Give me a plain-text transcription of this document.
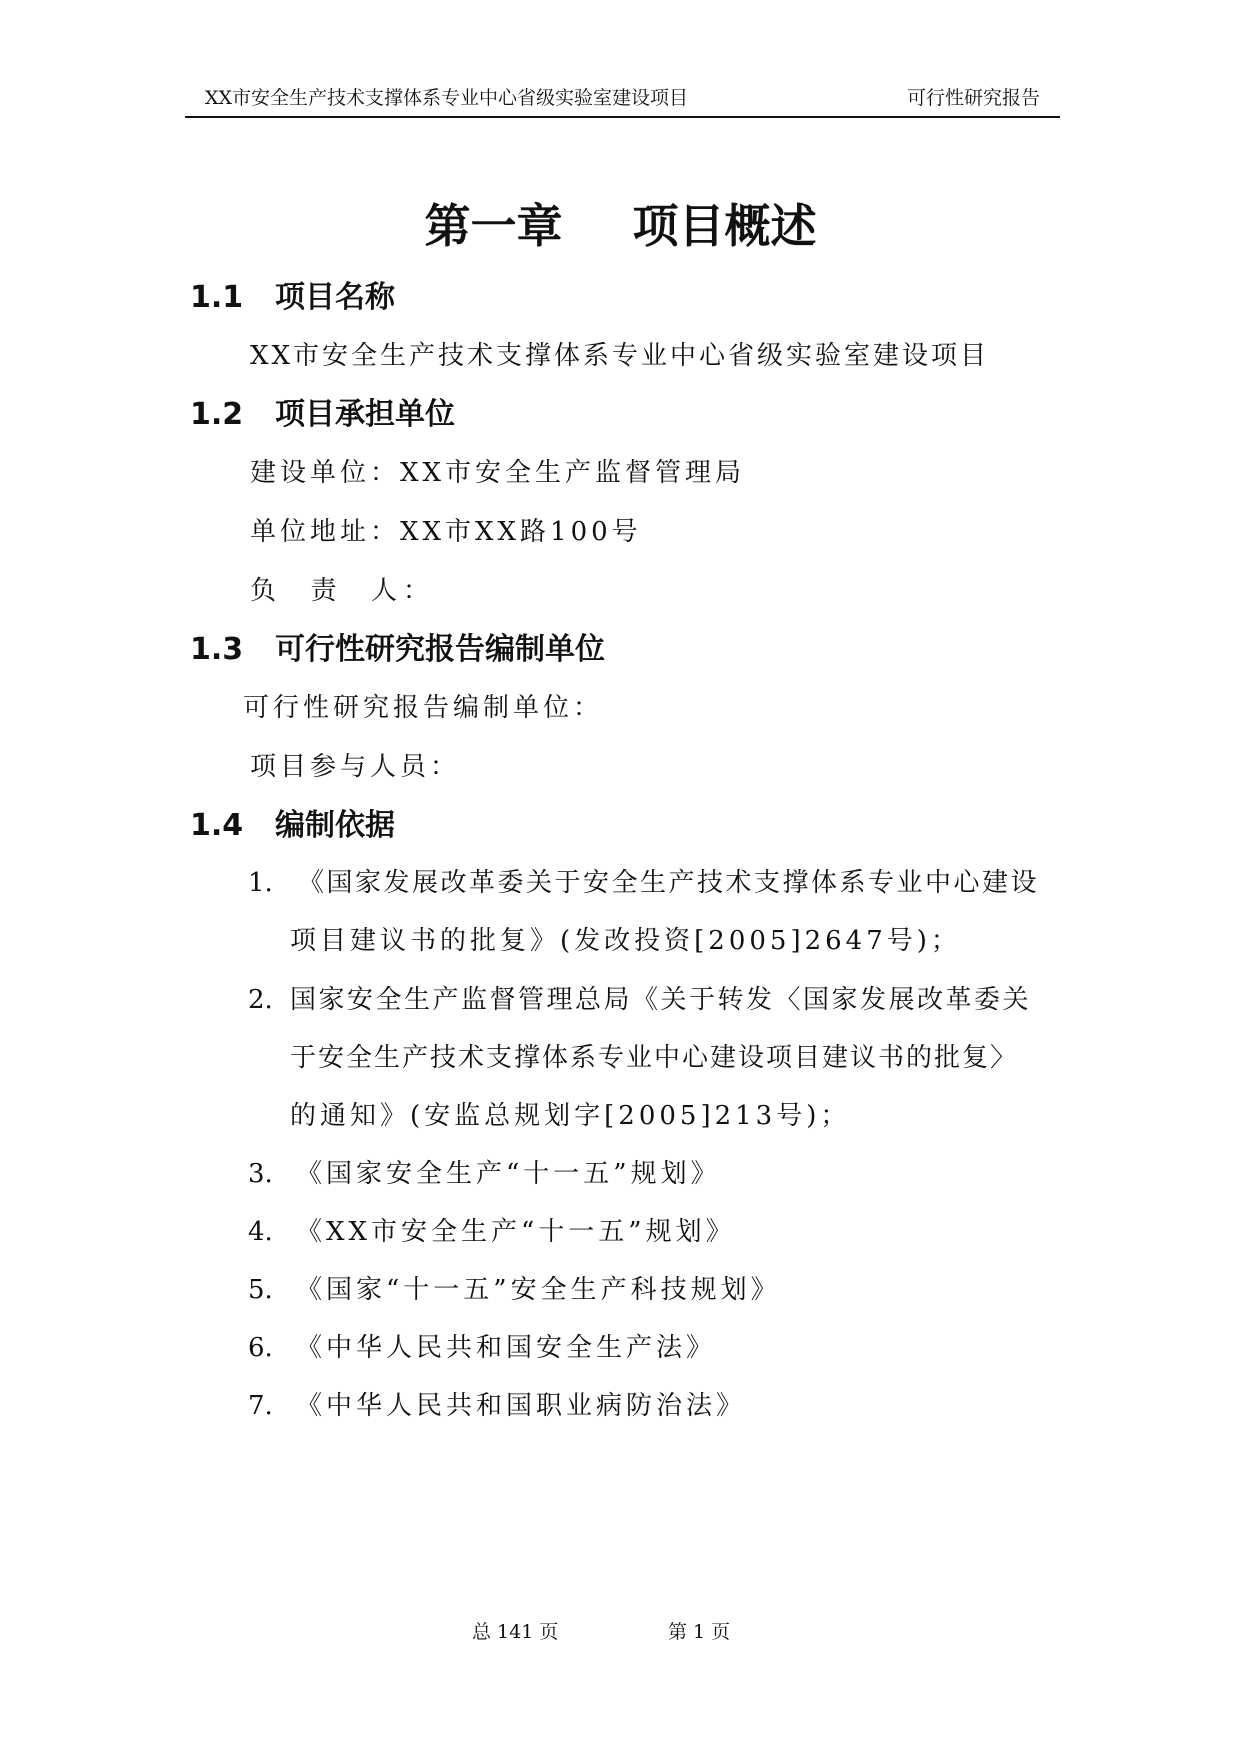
XX市安全生产技术支撑体系专业中心省级实验室建设项目	可行性研究报告
第一章 项目概述
1.1 项目名称
XX市安全生产技术支撑体系专业中心省级实验室建设项目
1.2 项目承担单位
建设单位：XX市安全生产监督管理局
单位地址：XX市XX路100号
负  责  人：
1.3 可行性研究报告编制单位
可行性研究报告编制单位：
项目参与人员：
1.4 编制依据
1. 《国家发展改革委关于安全生产技术支撑体系专业中心建设
项目建议书的批复》(发改投资[2005]2647号)；
2. 国家安全生产监督管理总局《关于转发〈国家发展改革委关
于安全生产技术支撑体系专业中心建设项目建议书的批复〉
的通知》(安监总规划字[2005]213号)；
3. 《国家安全生产“十一五”规划》
4. 《XX市安全生产“十一五”规划》
5. 《国家“十一五”安全生产科技规划》
6. 《中华人民共和国安全生产法》
7. 《中华人民共和国职业病防治法》
总 141 页	第 1 页
